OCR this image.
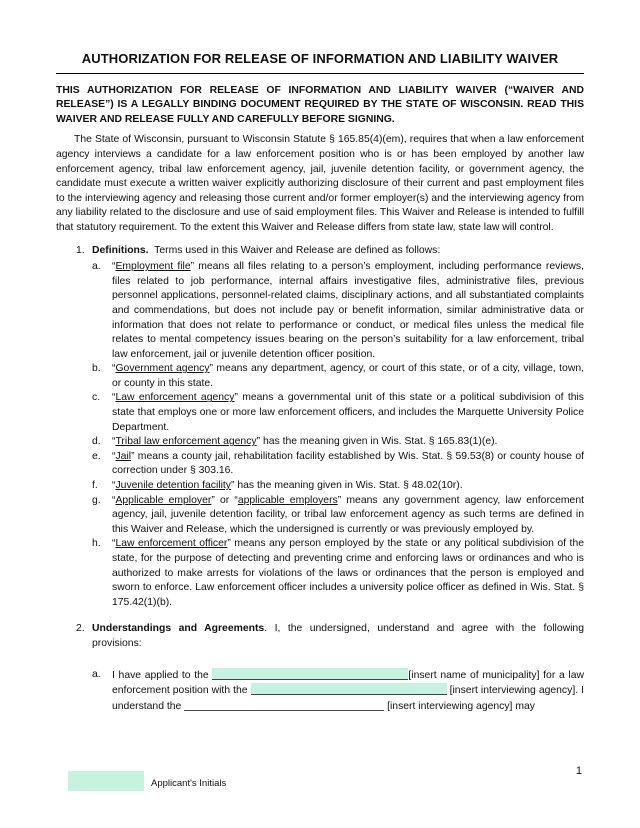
AUTHORIZATION FOR RELEASE OF INFORMATION AND LIABILITY WAIVER
THIS AUTHORIZATION FOR RELEASE OF INFORMATION AND LIABILITY WAIVER (“WAIVER AND RELEASE”) IS A LEGALLY BINDING DOCUMENT REQUIRED BY THE STATE OF WISCONSIN. READ THIS WAIVER AND RELEASE FULLY AND CAREFULLY BEFORE SIGNING.
The State of Wisconsin, pursuant to Wisconsin Statute § 165.85(4)(em), requires that when a law enforcement agency interviews a candidate for a law enforcement position who is or has been employed by another law enforcement agency, tribal law enforcement agency, jail, juvenile detention facility, or government agency, the candidate must execute a written waiver explicitly authorizing disclosure of their current and past employment files to the interviewing agency and releasing those current and/or former employer(s) and the interviewing agency from any liability related to the disclosure and use of said employment files. This Waiver and Release is intended to fulfill that statutory requirement. To the extent this Waiver and Release differs from state law, state law will control.
1. Definitions. Terms used in this Waiver and Release are defined as follows:
a. “Employment file” means all files relating to a person’s employment, including performance reviews, files related to job performance, internal affairs investigative files, administrative files, previous personnel applications, personnel-related claims, disciplinary actions, and all substantiated complaints and commendations, but does not include pay or benefit information, similar administrative data or information that does not relate to performance or conduct, or medical files unless the medical file relates to mental competency issues bearing on the person’s suitability for a law enforcement, tribal law enforcement, jail or juvenile detention officer position.
b. “Government agency” means any department, agency, or court of this state, or of a city, village, town, or county in this state.
c. “Law enforcement agency” means a governmental unit of this state or a political subdivision of this state that employs one or more law enforcement officers, and includes the Marquette University Police Department.
d. “Tribal law enforcement agency” has the meaning given in Wis. Stat. § 165.83(1)(e).
e. “Jail” means a county jail, rehabilitation facility established by Wis. Stat. § 59.53(8) or county house of correction under § 303.16.
f. “Juvenile detention facility” has the meaning given in Wis. Stat. § 48.02(10r).
g. “Applicable employer” or “applicable employers” means any government agency, law enforcement agency, jail, juvenile detention facility, or tribal law enforcement agency as such terms are defined in this Waiver and Release, which the undersigned is currently or was previously employed by.
h. “Law enforcement officer” means any person employed by the state or any political subdivision of the state, for the purpose of detecting and preventing crime and enforcing laws or ordinances and who is authorized to make arrests for violations of the laws or ordinances that the person is employed and sworn to enforce. Law enforcement officer includes a university police officer as defined in Wis. Stat. § 175.42(1)(b).
2. Understandings and Agreements. I, the undersigned, understand and agree with the following provisions:
a. I have applied to the	[insert name of municipality] for a law enforcement position with the	[insert interviewing agency]. I understand the	[insert interviewing agency] may
1
Applicant's Initials
